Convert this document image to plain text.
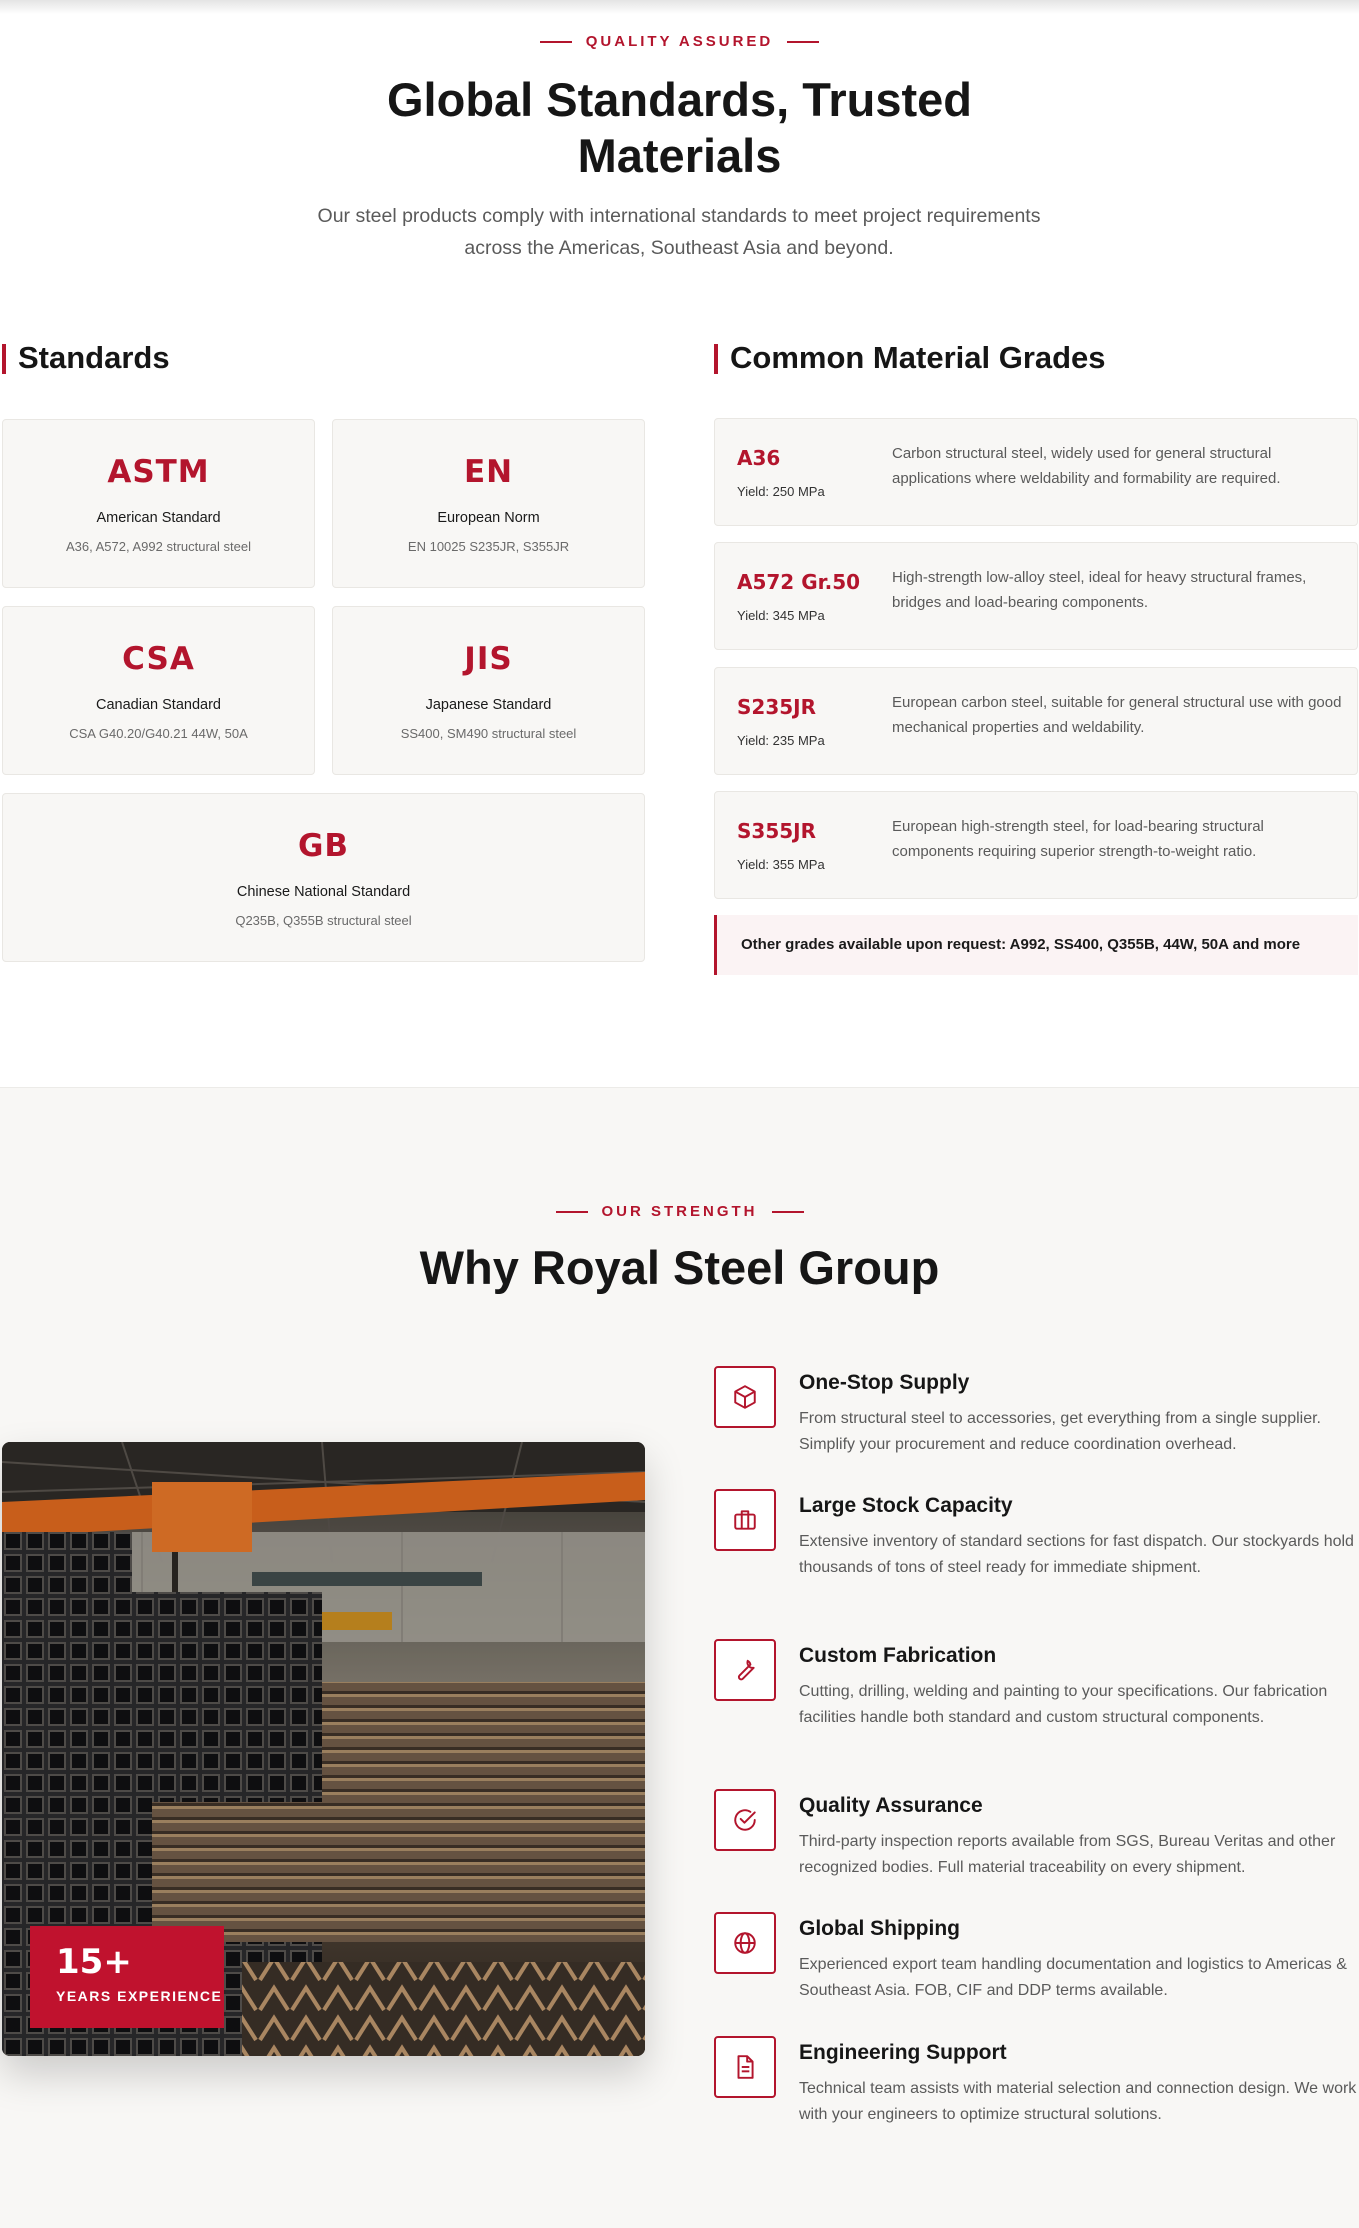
QUALITY ASSURED
Global Standards, Trusted
Materials
Our steel products comply with international standards to meet project requirements
across the Americas, Southeast Asia and beyond.
Standards	Common Material Grades
ASTM
American Standard
A36, A572, A992 structural steel
EN
European Norm
EN 10025 S235JR, S355JR
CSA
Canadian Standard
CSA G40.20/G40.21 44W, 50A
JIS
Japanese Standard
SS400, SM490 structural steel
GB
Chinese National Standard
Q235B, Q355B structural steel
A36
Yield: 250 MPa
Carbon structural steel, widely used for general structural applications where weldability and formability are required.
A572 Gr.50
Yield: 345 MPa
High-strength low-alloy steel, ideal for heavy structural frames, bridges and load-bearing components.
S235JR
Yield: 235 MPa
European carbon steel, suitable for general structural use with good mechanical properties and weldability.
S355JR
Yield: 355 MPa
European high-strength steel, for load-bearing structural components requiring superior strength-to-weight ratio.
Other grades available upon request: A992, SS400, Q355B, 44W, 50A and more
OUR STRENGTH
Why Royal Steel Group
15+
YEARS EXPERIENCE
One-Stop Supply
From structural steel to accessories, get everything from a single supplier. Simplify your procurement and reduce coordination overhead.
Large Stock Capacity
Extensive inventory of standard sections for fast dispatch. Our stockyards hold thousands of tons of steel ready for immediate shipment.
Custom Fabrication
Cutting, drilling, welding and painting to your specifications. Our fabrication facilities handle both standard and custom structural components.
Quality Assurance
Third-party inspection reports available from SGS, Bureau Veritas and other recognized bodies. Full material traceability on every shipment.
Global Shipping
Experienced export team handling documentation and logistics to Americas & Southeast Asia. FOB, CIF and DDP terms available.
Engineering Support
Technical team assists with material selection and connection design. We work with your engineers to optimize structural solutions.
